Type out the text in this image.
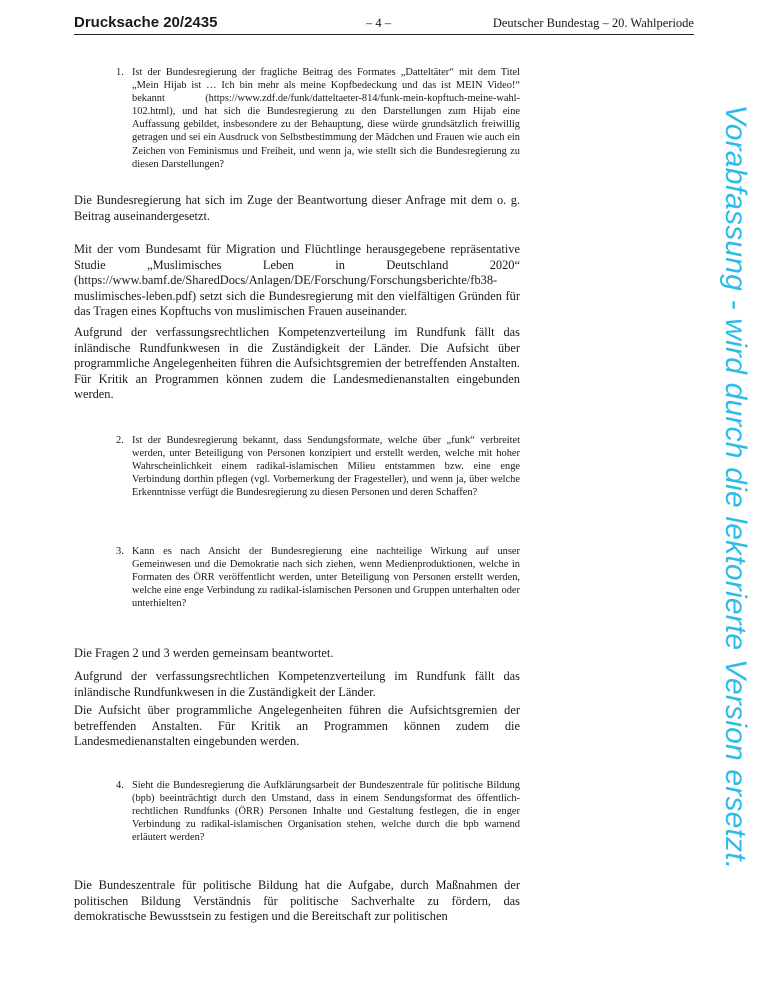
Drucksache 20/2435	– 4 –	Deutscher Bundestag – 20. Wahlperiode
1. Ist der Bundesregierung der fragliche Beitrag des Formates „Datteltäter“ mit dem Titel „Mein Hijab ist … Ich bin mehr als meine Kopfbedeckung und das ist MEIN Video!“ bekannt (https://www.zdf.de/funk/datteltaeter-814/funk-mein-kopftuch-meine-wahl-102.html), und hat sich die Bundesregierung zu den Darstellungen zum Hijab eine Auffassung gebildet, insbesondere zu der Behauptung, diese würde grundsätzlich freiwillig getragen und sei ein Ausdruck von Selbstbestimmung der Mädchen und Frauen wie auch ein Zeichen von Feminismus und Freiheit, und wenn ja, wie stellt sich die Bundesregierung zu diesen Darstellungen?

Die Bundesregierung hat sich im Zuge der Beantwortung dieser Anfrage mit dem o. g. Beitrag auseinandergesetzt.

Mit der vom Bundesamt für Migration und Flüchtlinge herausgegebene repräsentative Studie „Muslimisches Leben in Deutschland 2020“ (https://www.bamf.de/SharedDocs/Anlagen/DE/Forschung/Forschungsberichte/fb38-muslimisches-leben.pdf) setzt sich die Bundesregierung mit den vielfältigen Gründen für das Tragen eines Kopftuchs von muslimischen Frauen auseinander.

Aufgrund der verfassungsrechtlichen Kompetenzverteilung im Rundfunk fällt das inländische Rundfunkwesen in die Zuständigkeit der Länder. Die Aufsicht über programmliche Angelegenheiten führen die Aufsichtsgremien der betreffenden Anstalten. Für Kritik an Programmen können zudem die Landesmedienanstalten eingebunden werden.

2. Ist der Bundesregierung bekannt, dass Sendungsformate, welche über „funk“ verbreitet werden, unter Beteiligung von Personen konzipiert und erstellt werden, welche mit hoher Wahrscheinlichkeit einem radikal-islamischen Milieu entstammen bzw. eine enge Verbindung dorthin pflegen (vgl. Vorbemerkung der Fragesteller), und wenn ja, über welche Erkenntnisse verfügt die Bundesregierung zu diesen Personen und deren Schaffen?
3. Kann es nach Ansicht der Bundesregierung eine nachteilige Wirkung auf unser Gemeinwesen und die Demokratie nach sich ziehen, wenn Medienproduktionen, welche in Formaten des ÖRR veröffentlicht werden, unter Beteiligung von Personen erstellt werden, welche eine enge Verbindung zu radikal-islamischen Personen und Gruppen unterhalten oder unterhielten?

Die Fragen 2 und 3 werden gemeinsam beantwortet.

Aufgrund der verfassungsrechtlichen Kompetenzverteilung im Rundfunk fällt das inländische Rundfunkwesen in die Zuständigkeit der Länder.

Die Aufsicht über programmliche Angelegenheiten führen die Aufsichtsgremien der betreffenden Anstalten. Für Kritik an Programmen können zudem die Landesmedienanstalten eingebunden werden.

4. Sieht die Bundesregierung die Aufklärungsarbeit der Bundeszentrale für politische Bildung (bpb) beeinträchtigt durch den Umstand, dass in einem Sendungsformat des öffentlich-rechtlichen Rundfunks (ÖRR) Personen Inhalte und Gestaltung festlegen, die in enger Verbindung zu radikal-islamischen Organisation stehen, welche durch die bpb warnend erläutert werden?

Die Bundeszentrale für politische Bildung hat die Aufgabe, durch Maßnahmen der politischen Bildung Verständnis für politische Sachverhalte zu fördern, das demokratische Bewusstsein zu festigen und die Bereitschaft zur politischen

Vorabfassung - wird durch die lektorierte Version ersetzt.
